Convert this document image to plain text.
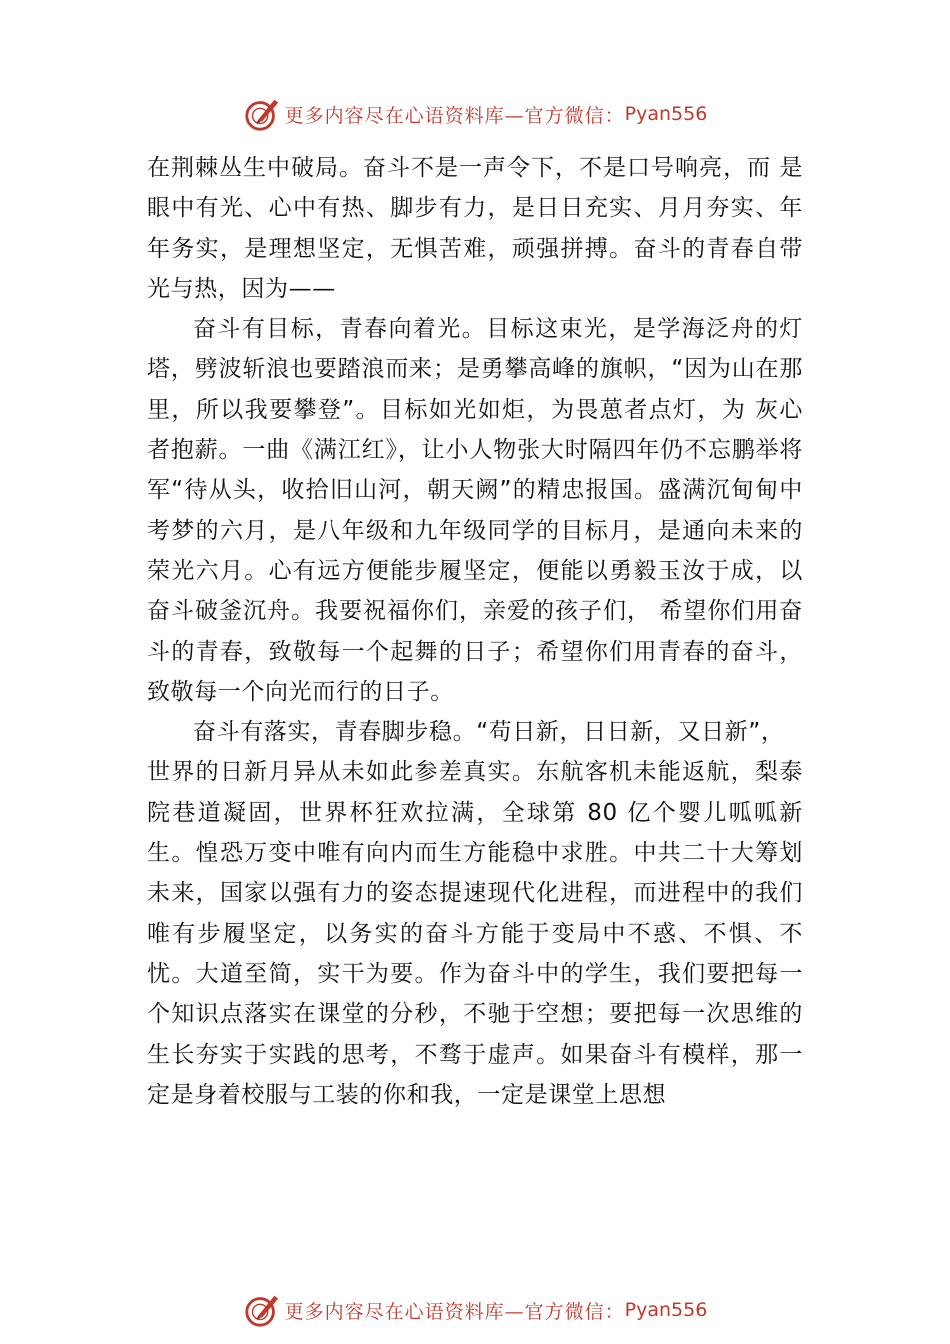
更多内容尽在心语资料库—官方微信： Pyan556

在荆棘丛生中破局。奋斗不是一声令下，不是口号响亮，而 是眼中有光、心中有热、脚步有力，是日日充实、月月夯实、年年务实，是理想坚定，无惧苦难，顽强拼搏。奋斗的青春自带光与热，因为——

奋斗有目标，青春向着光。目标这束光，是学海泛舟的灯塔，劈波斩浪也要踏浪而来；是勇攀高峰的旗帜，“因为山在那里，所以我要攀登”。目标如光如炬，为畏葸者点灯，为 灰心者抱薪。一曲《满江红》，让小人物张大时隔四年仍不忘鹏举将军“待从头，收拾旧山河，朝天阙”的精忠报国。盛满沉甸甸中考梦的六月，是八年级和九年级同学的目标月，是通向未来的荣光六月。心有远方便能步履坚定，便能以勇毅玉汝于成，以奋斗破釜沉舟。我要祝福你们，亲爱的孩子们， 希望你们用奋斗的青春，致敬每一个起舞的日子；希望你们用青春的奋斗，致敬每一个向光而行的日子。

奋斗有落实，青春脚步稳。“苟日新，日日新，又日新”，

世界的日新月异从未如此参差真实。东航客机未能返航，梨泰院巷道凝固，世界杯狂欢拉满，全球第 80 亿个婴儿呱呱新生。惶恐万变中唯有向内而生方能稳中求胜。中共二十大筹划未来，国家以强有力的姿态提速现代化进程，而进程中的我们唯有步履坚定，以务实的奋斗方能于变局中不惑、不惧、不忧。大道至简，实干为要。作为奋斗中的学生，我们要把每一个知识点落实在课堂的分秒，不驰于空想；要把每一次思维的生长夯实于实践的思考，不骛于虚声。如果奋斗有模样，那一定是身着校服与工装的你和我，一定是课堂上思想

更多内容尽在心语资料库—官方微信： Pyan556
